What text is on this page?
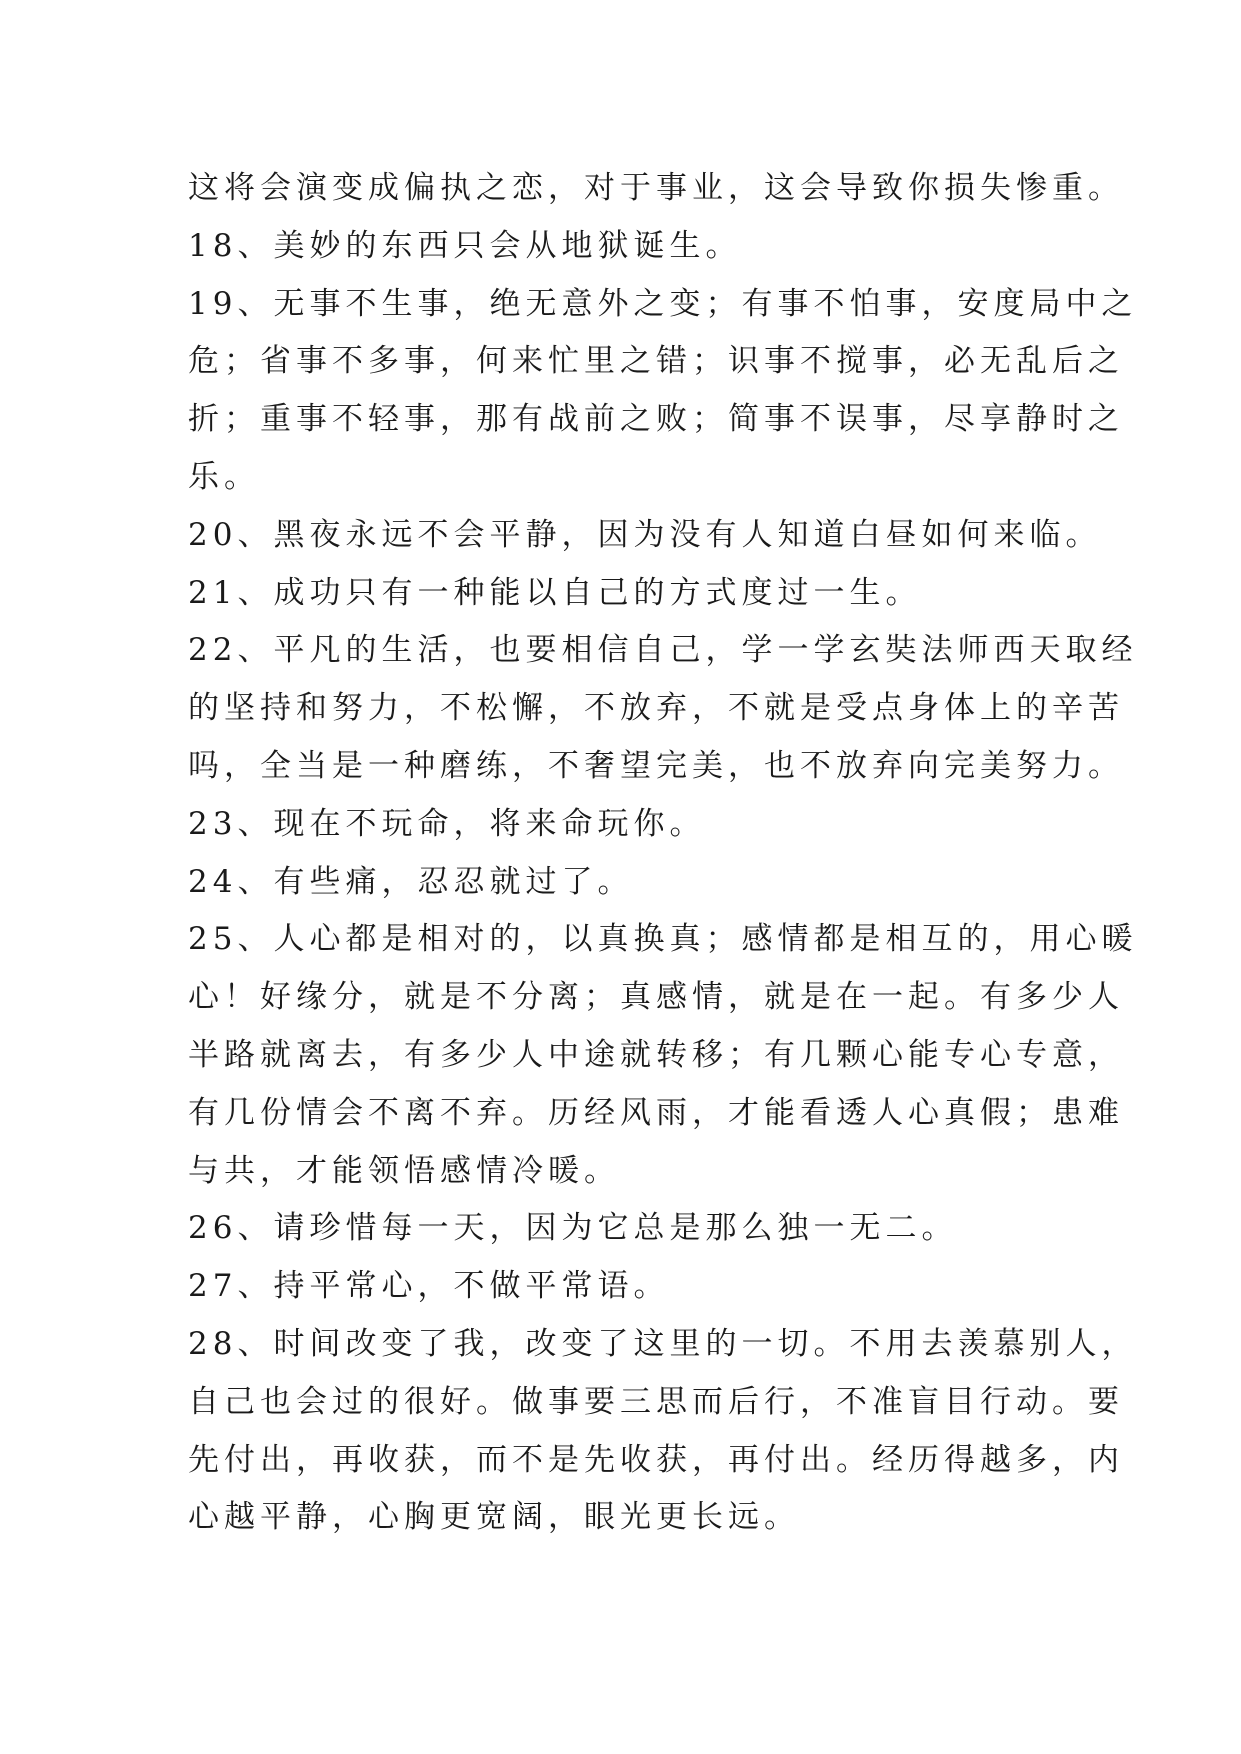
这将会演变成偏执之恋，对于事业，这会导致你损失惨重。
18、美妙的东西只会从地狱诞生。
19、无事不生事，绝无意外之变；有事不怕事，安度局中之
危；省事不多事，何来忙里之错；识事不搅事，必无乱后之
折；重事不轻事，那有战前之败；简事不误事，尽享静时之
乐。
20、黑夜永远不会平静，因为没有人知道白昼如何来临。
21、成功只有一种能以自己的方式度过一生。
22、平凡的生活，也要相信自己，学一学玄奘法师西天取经
的坚持和努力，不松懈，不放弃，不就是受点身体上的辛苦
吗，全当是一种磨练，不奢望完美，也不放弃向完美努力。
23、现在不玩命，将来命玩你。
24、有些痛，忍忍就过了。
25、人心都是相对的，以真换真；感情都是相互的，用心暖
心！好缘分，就是不分离；真感情，就是在一起。有多少人
半路就离去，有多少人中途就转移；有几颗心能专心专意，
有几份情会不离不弃。历经风雨，才能看透人心真假；患难
与共，才能领悟感情冷暖。
26、请珍惜每一天，因为它总是那么独一无二。
27、持平常心，不做平常语。
28、时间改变了我，改变了这里的一切。不用去羡慕别人，
自己也会过的很好。做事要三思而后行，不准盲目行动。要
先付出，再收获，而不是先收获，再付出。经历得越多，内
心越平静，心胸更宽阔，眼光更长远。
